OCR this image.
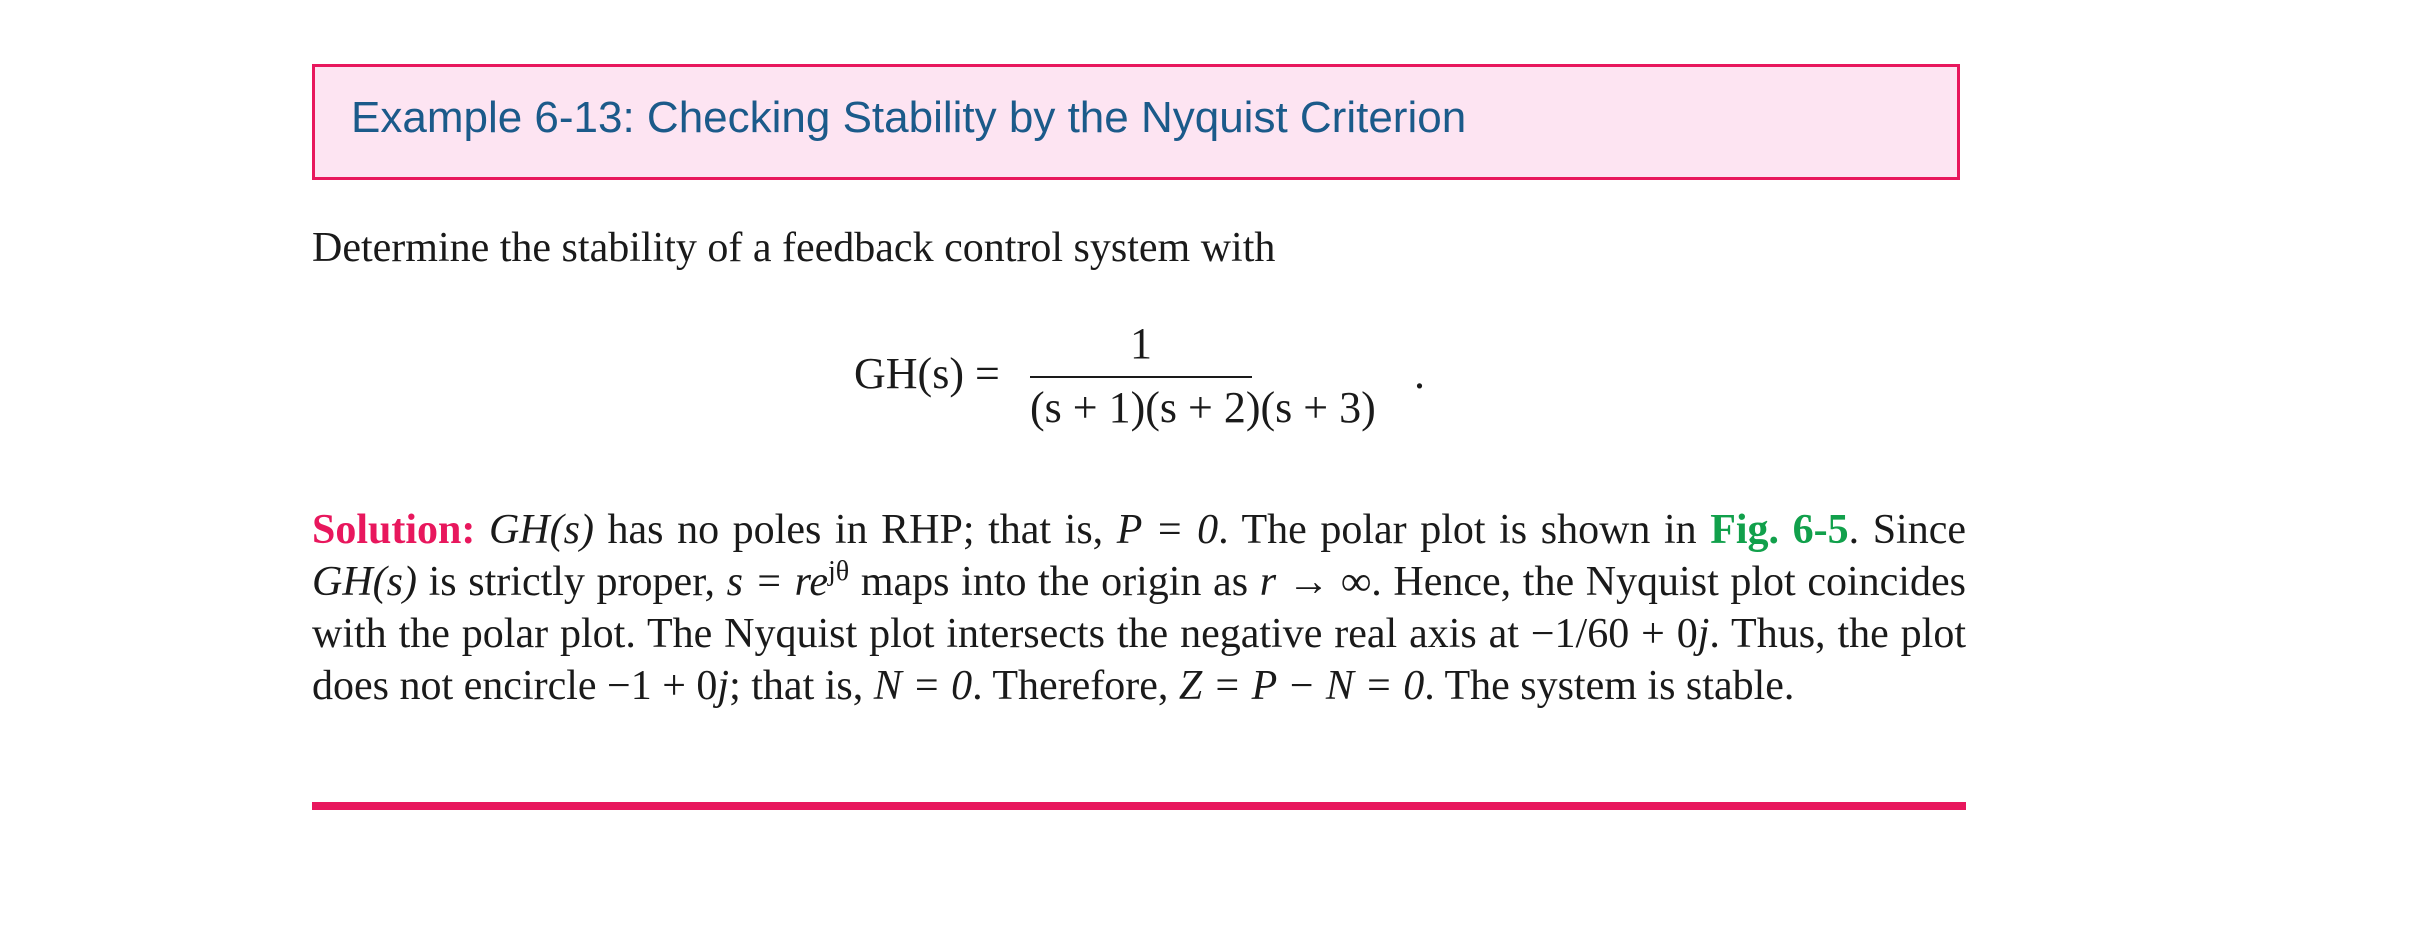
Example 6-13: Checking Stability by the Nyquist Criterion
Determine the stability of a feedback control system with
GH(s) =
1
(s + 1)(s + 2)(s + 3)
.
Solution: GH(s) has no poles in RHP; that is, P = 0. The polar plot is shown in Fig. 6-5. Since GH(s) is strictly proper, $s = re^{j\theta}$ maps into the origin as r → ∞. Hence, the Nyquist plot coincides with the polar plot. The Nyquist plot intersects the negative real axis at −1/60 + 0j. Thus, the plot does not encircle −1 + 0j; that is, N = 0. Therefore, Z = P − N = 0. The system is stable.
